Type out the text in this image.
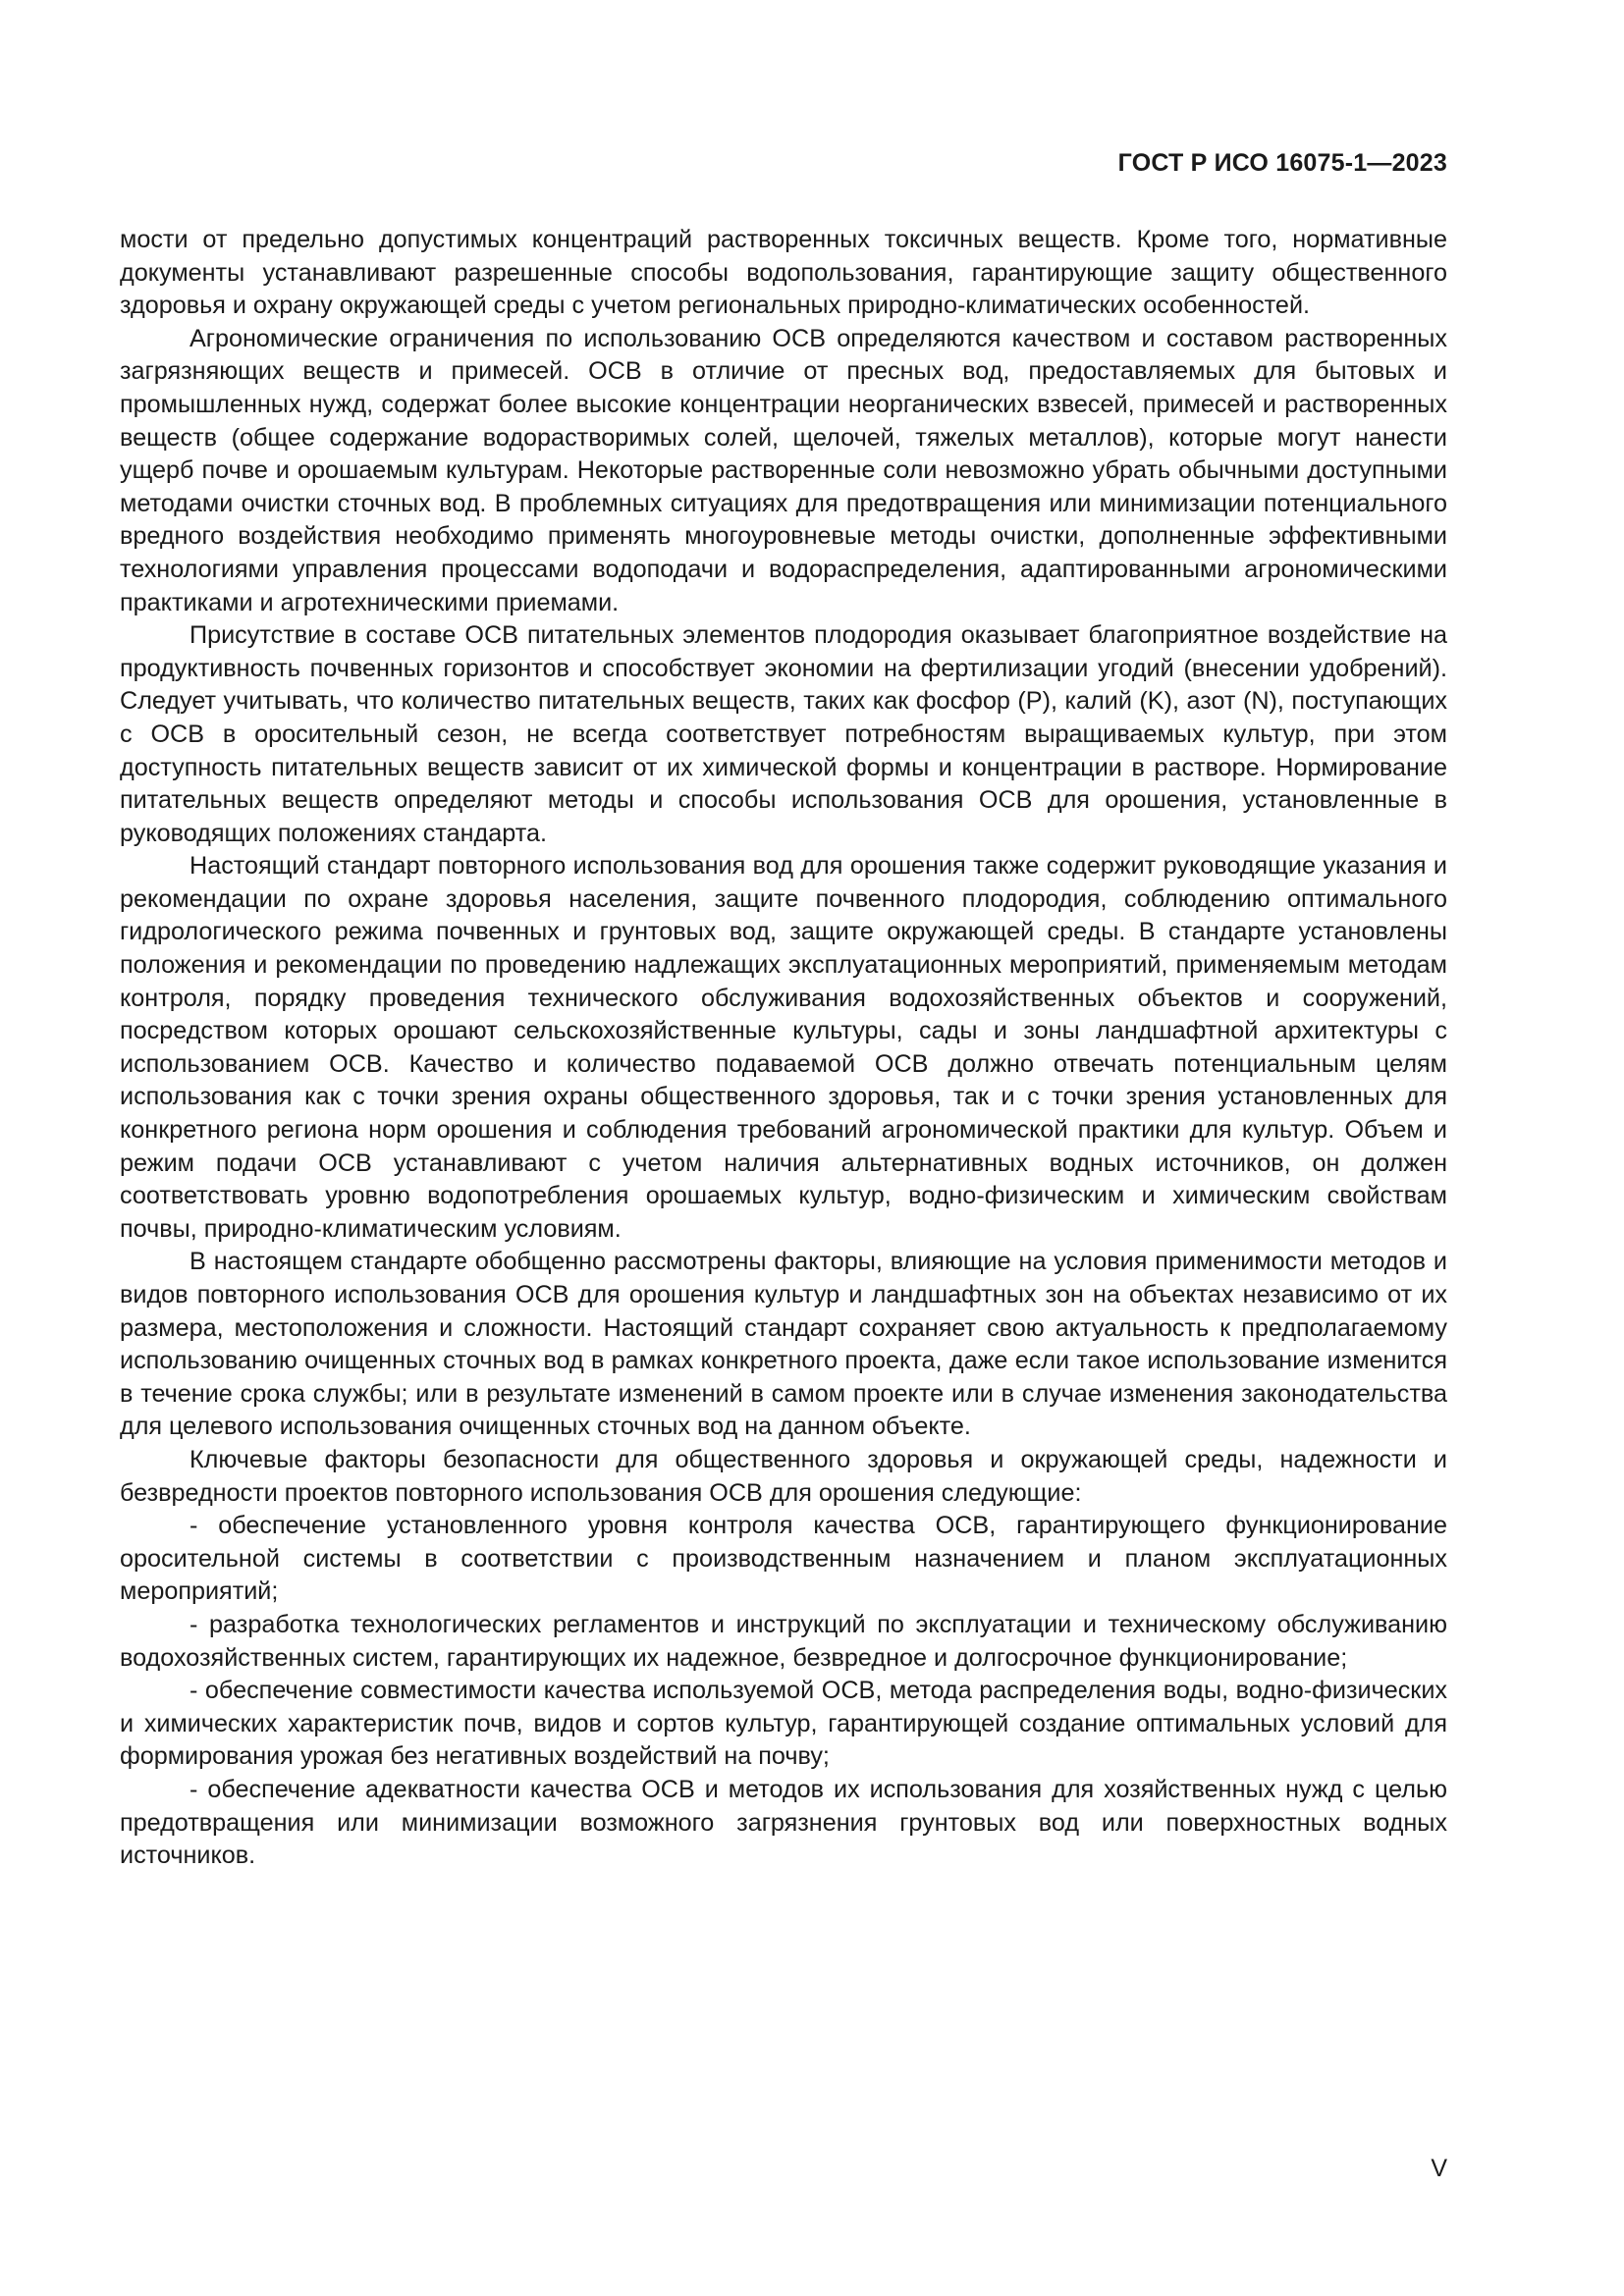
ГОСТ Р ИСО 16075-1—2023

мости от предельно допустимых концентраций растворенных токсичных веществ. Кроме того, нормативные документы устанавливают разрешенные способы водопользования, гарантирующие защиту общественного здоровья и охрану окружающей среды с учетом региональных природно-климатических особенностей.

Агрономические ограничения по использованию ОСВ определяются качеством и составом растворенных загрязняющих веществ и примесей. ОСВ в отличие от пресных вод, предоставляемых для бытовых и промышленных нужд, содержат более высокие концентрации неорганических взвесей, примесей и растворенных веществ (общее содержание водорастворимых солей, щелочей, тяжелых металлов), которые могут нанести ущерб почве и орошаемым культурам. Некоторые растворенные соли невозможно убрать обычными доступными методами очистки сточных вод. В проблемных ситуациях для предотвращения или минимизации потенциального вредного воздействия необходимо применять многоуровневые методы очистки, дополненные эффективными технологиями управления процессами водоподачи и водораспределения, адаптированными агрономическими практиками и агротехническими приемами.

Присутствие в составе ОСВ питательных элементов плодородия оказывает благоприятное воздействие на продуктивность почвенных горизонтов и способствует экономии на фертилизации угодий (внесении удобрений). Следует учитывать, что количество питательных веществ, таких как фосфор (P), калий (K), азот (N), поступающих с ОСВ в оросительный сезон, не всегда соответствует потребностям выращиваемых культур, при этом доступность питательных веществ зависит от их химической формы и концентрации в растворе. Нормирование питательных веществ определяют методы и способы использования ОСВ для орошения, установленные в руководящих положениях стандарта.

Настоящий стандарт повторного использования вод для орошения также содержит руководящие указания и рекомендации по охране здоровья населения, защите почвенного плодородия, соблюдению оптимального гидрологического режима почвенных и грунтовых вод, защите окружающей среды. В стандарте установлены положения и рекомендации по проведению надлежащих эксплуатационных мероприятий, применяемым методам контроля, порядку проведения технического обслуживания водохозяйственных объектов и сооружений, посредством которых орошают сельскохозяйственные культуры, сады и зоны ландшафтной архитектуры с использованием ОСВ. Качество и количество подаваемой ОСВ должно отвечать потенциальным целям использования как с точки зрения охраны общественного здоровья, так и с точки зрения установленных для конкретного региона норм орошения и соблюдения требований агрономической практики для культур. Объем и режим подачи ОСВ устанавливают с учетом наличия альтернативных водных источников, он должен соответствовать уровню водопотребления орошаемых культур, водно-физическим и химическим свойствам почвы, природно-климатическим условиям.

В настоящем стандарте обобщенно рассмотрены факторы, влияющие на условия применимости методов и видов повторного использования ОСВ для орошения культур и ландшафтных зон на объектах независимо от их размера, местоположения и сложности. Настоящий стандарт сохраняет свою актуальность к предполагаемому использованию очищенных сточных вод в рамках конкретного проекта, даже если такое использование изменится в течение срока службы; или в результате изменений в самом проекте или в случае изменения законодательства для целевого использования очищенных сточных вод на данном объекте.

Ключевые факторы безопасности для общественного здоровья и окружающей среды, надежности и безвредности проектов повторного использования ОСВ для орошения следующие:

- обеспечение установленного уровня контроля качества ОСВ, гарантирующего функционирование оросительной системы в соответствии с производственным назначением и планом эксплуатационных мероприятий;

- разработка технологических регламентов и инструкций по эксплуатации и техническому обслуживанию водохозяйственных систем, гарантирующих их надежное, безвредное и долгосрочное функционирование;

- обеспечение совместимости качества используемой ОСВ, метода распределения воды, водно-физических и химических характеристик почв, видов и сортов культур, гарантирующей создание оптимальных условий для формирования урожая без негативных воздействий на почву;

- обеспечение адекватности качества ОСВ и методов их использования для хозяйственных нужд с целью предотвращения или минимизации возможного загрязнения грунтовых вод или поверхностных водных источников.

V
